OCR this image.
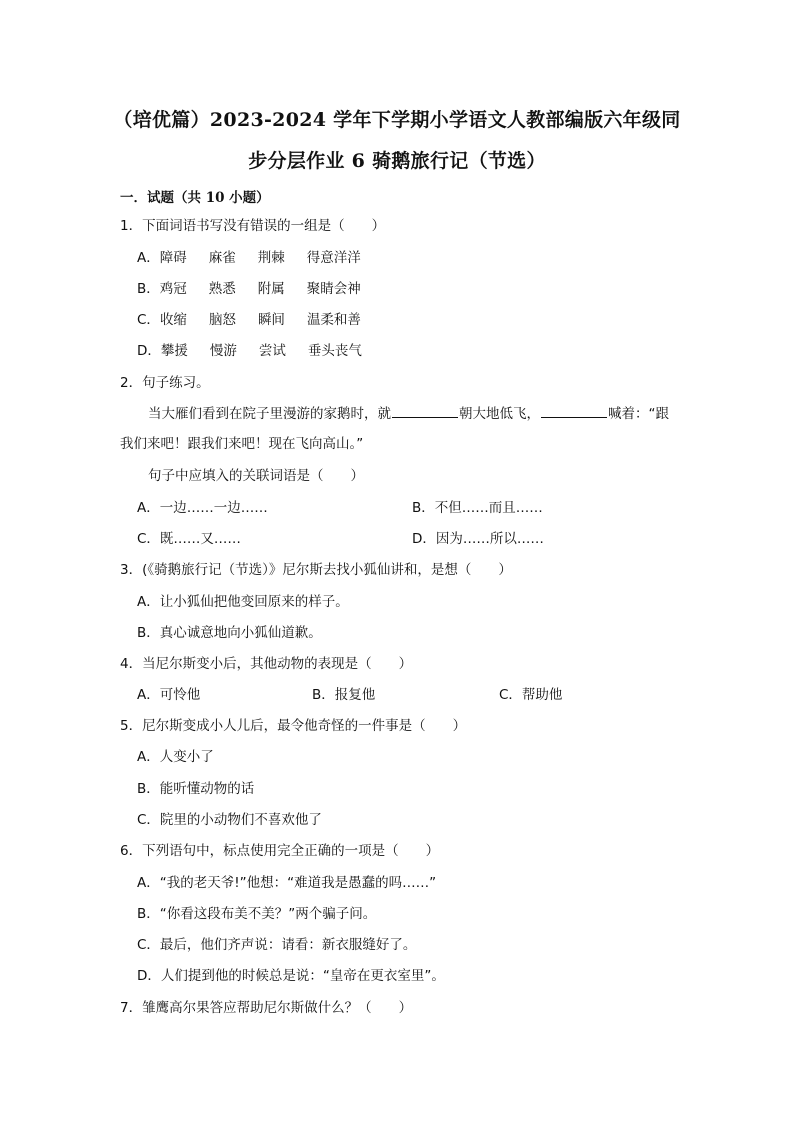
（培优篇）2023-2024 学年下学期小学语文人教部编版六年级同
步分层作业 6 骑鹅旅行记（节选）
一．试题（共 10 小题）
1．下面词语书写没有错误的一组是（　　）
A．障碍 麻雀 荆棘 得意洋洋
B．鸡冠 熟悉 附属 聚睛会神
C．收缩 脑怒 瞬间 温柔和善
D．攀援 慢游 尝试 垂头丧气
2．句子练习。
当大雁们看到在院子里漫游的家鹅时，就	朝大地低飞，	喊着：“跟
我们来吧！跟我们来吧！现在飞向高山。”
句子中应填入的关联词语是（　　）
A．一边……一边……	B．不但……而且……
C．既……又……	D．因为……所以……
3．(《骑鹅旅行记（节选）》尼尔斯去找小狐仙讲和，是想（　　）
A．让小狐仙把他变回原来的样子。
B．真心诚意地向小狐仙道歉。
4．当尼尔斯变小后，其他动物的表现是（　　）
A．可怜他	B．报复他	C．帮助他
5．尼尔斯变成小人儿后，最令他奇怪的一件事是（　　）
A．人变小了
B．能听懂动物的话
C．院里的小动物们不喜欢他了
6．下列语句中，标点使用完全正确的一项是（　　）
A．“我的老天爷!”他想：“难道我是愚蠢的吗……”
B．“你看这段布美不美？”两个骗子问。
C．最后，他们齐声说：请看：新衣服缝好了。
D．人们提到他的时候总是说：“皇帝在更衣室里”。
7．雏鹰高尔果答应帮助尼尔斯做什么？（　　）
